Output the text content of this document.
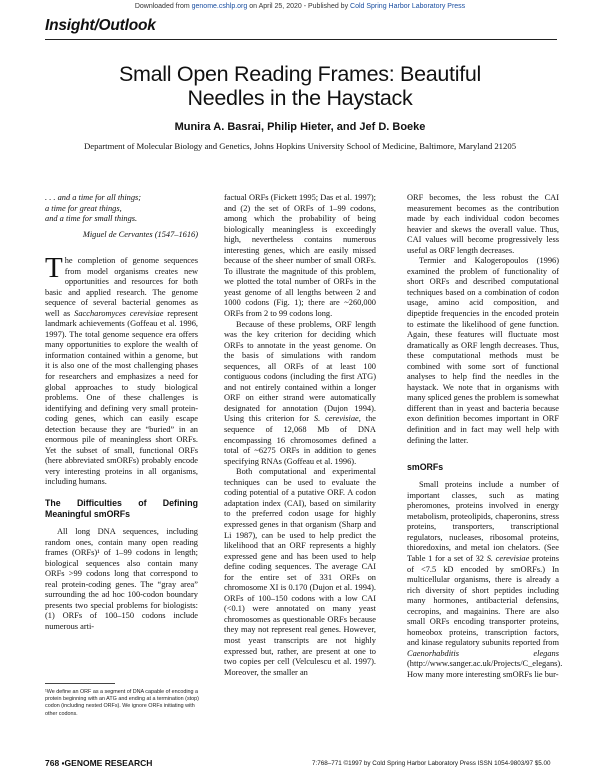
Downloaded from genome.cshlp.org on April 25, 2020 - Published by Cold Spring Harbor Laboratory Press
Insight/Outlook
Small Open Reading Frames: Beautiful
Needles in the Haystack
Munira A. Basrai, Philip Hieter, and Jef D. Boeke
Department of Molecular Biology and Genetics, Johns Hopkins University School of Medicine, Baltimore, Maryland 21205
. . . and a time for all things;
a time for great things,
and a time for small things.
Miguel de Cervantes (1547–1616)

The completion of genome sequences from model organisms creates new opportunities and resources for both basic and applied research. The genome sequence of several bacterial genomes as well as Saccharomyces cerevisiae represent landmark achievements (Goffeau et al. 1996, 1997). The total genome sequence era offers many opportunities to explore the wealth of information contained within a genome, but it is also one of the most challenging phases for researchers and emphasizes a need for global approaches to study biological problems. One of these challenges is identifying and defining very small protein-coding genes, which can easily escape detection because they are “buried” in an enormous pile of meaningless short ORFs. Yet the subset of small, functional ORFs (here abbreviated smORFs) probably encode very interesting proteins in all organisms, including humans.

The Difficulties of Defining Meaningful smORFs

All long DNA sequences, including random ones, contain many open reading frames (ORFs)¹ of 1–99 codons in length; biological sequences also contain many ORFs >99 codons long that correspond to real protein-coding genes. The “gray area” surrounding the ad hoc 100-codon boundary presents two special problems for biologists: (1) ORFs of 100–150 codons include numerous arti-

¹We define an ORF as a segment of DNA capable of encoding a protein beginning with an ATG and ending at a termination (stop) codon (including nested ORFs). We ignore ORFs initiating with other codons.

factual ORFs (Fickett 1995; Das et al. 1997); and (2) the set of ORFs of 1–99 codons, among which the probability of being biologically meaningless is exceedingly high, nevertheless contains numerous interesting genes, which are easily missed because of the sheer number of small ORFs. To illustrate the magnitude of this problem, we plotted the total number of ORFs in the yeast genome of all lengths between 2 and 1000 codons (Fig. 1); there are ~260,000 ORFs from 2 to 99 codons long.

Because of these problems, ORF length was the key criterion for deciding which ORFs to annotate in the yeast genome. On the basis of simulations with random sequences, all ORFs of at least 100 contiguous codons (including the first ATG) and not entirely contained within a longer ORF on either strand were automatically designated for annotation (Dujon 1994). Using this criterion for S. cerevisiae, the sequence of 12,068 Mb of DNA encompassing 16 chromosomes defined a total of ~6275 ORFs in addition to genes specifying RNAs (Goffeau et al. 1996).

Both computational and experimental techniques can be used to evaluate the coding potential of a putative ORF. A codon adaptation index (CAI), based on similarity to the preferred codon usage for highly expressed genes in that organism (Sharp and Li 1987), can be used to help predict the likelihood that an ORF represents a highly expressed gene and has been used to help define coding sequences. The average CAI for the entire set of 331 ORFs on chromosome XI is 0.170 (Dujon et al. 1994). ORFs of 100–150 codons with a low CAI (<0.1) were annotated on many yeast chromosomes as questionable ORFs because they may not represent real genes. However, most yeast transcripts are not highly expressed but, rather, are present at one to two copies per cell (Velculescu et al. 1997). Moreover, the smaller an

ORF becomes, the less robust the CAI measurement becomes as the contribution made by each individual codon becomes heavier and skews the overall value. Thus, CAI values will become progressively less useful as ORF length decreases.

Termier and Kalogeropoulos (1996) examined the problem of functionality of short ORFs and described computational techniques based on a combination of codon usage, amino acid composition, and dipeptide frequencies in the encoded protein to estimate the likelihood of gene function. Again, these features will fluctuate most dramatically as ORF length decreases. Thus, these computational methods must be combined with some sort of functional analyses to help find the needles in the haystack. We note that in organisms with many spliced genes the problem is somewhat different than in yeast and bacteria because exon definition becomes important in ORF definition and in fact may well help with defining the latter.

smORFs

Small proteins include a number of important classes, such as mating pheromones, proteins involved in energy metabolism, proteolipids, chaperonins, stress proteins, transporters, transcriptional regulators, nucleases, ribosomal proteins, thioredoxins, and metal ion chelators. (See Table 1 for a set of 32 S. cerevisiae proteins of <7.5 kD encoded by smORFs.) In multicellular organisms, there is already a rich diversity of short peptides including many hormones, antibacterial defensins, cecropins, and magainins. There are also small ORFs encoding transporter proteins, homeobox proteins, transcription factors, and kinase regulatory subunits reported from Caenorhabditis elegans (http://www.sanger.ac.uk/Projects/C_elegans). How many more interesting smORFs lie bur-

768 ▪GENOME RESEARCH	7:768–771 ©1997 by Cold Spring Harbor Laboratory Press ISSN 1054-9803/97 $5.00
